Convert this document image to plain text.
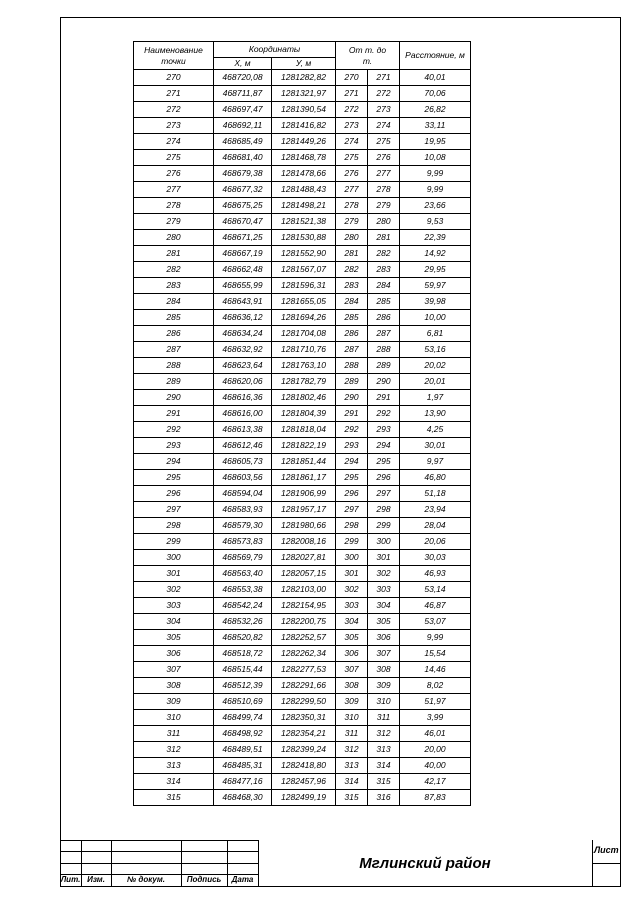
Наименование точки	Координаты		От т. до т.		Расстояние, м
	X, м	У, м			
270	468720,08	1281282,82	270	271	40,01
271	468711,87	1281321,97	271	272	70,06
272	468697,47	1281390,54	272	273	26,82
273	468692,11	1281416,82	273	274	33,11
274	468685,49	1281449,26	274	275	19,95
275	468681,40	1281468,78	275	276	10,08
276	468679,38	1281478,66	276	277	9,99
277	468677,32	1281488,43	277	278	9,99
278	468675,25	1281498,21	278	279	23,66
279	468670,47	1281521,38	279	280	9,53
280	468671,25	1281530,88	280	281	22,39
281	468667,19	1281552,90	281	282	14,92
282	468662,48	1281567,07	282	283	29,95
283	468655,99	1281596,31	283	284	59,97
284	468643,91	1281655,05	284	285	39,98
285	468636,12	1281694,26	285	286	10,00
286	468634,24	1281704,08	286	287	6,81
287	468632,92	1281710,76	287	288	53,16
288	468623,64	1281763,10	288	289	20,02
289	468620,06	1281782,79	289	290	20,01
290	468616,36	1281802,46	290	291	1,97
291	468616,00	1281804,39	291	292	13,90
292	468613,38	1281818,04	292	293	4,25
293	468612,46	1281822,19	293	294	30,01
294	468605,73	1281851,44	294	295	9,97
295	468603,56	1281861,17	295	296	46,80
296	468594,04	1281906,99	296	297	51,18
297	468583,93	1281957,17	297	298	23,94
298	468579,30	1281980,66	298	299	28,04
299	468573,83	1282008,16	299	300	20,06
300	468569,79	1282027,81	300	301	30,03
301	468563,40	1282057,15	301	302	46,93
302	468553,38	1282103,00	302	303	53,14
303	468542,24	1282154,95	303	304	46,87
304	468532,26	1282200,75	304	305	53,07
305	468520,82	1282252,57	305	306	9,99
306	468518,72	1282262,34	306	307	15,54
307	468515,44	1282277,53	307	308	14,46
308	468512,39	1282291,66	308	309	8,02
309	468510,69	1282299,50	309	310	51,97
310	468499,74	1282350,31	310	311	3,99
311	468498,92	1282354,21	311	312	46,01
312	468489,51	1282399,24	312	313	20,00
313	468485,31	1282418,80	313	314	40,00
314	468477,16	1282457,96	314	315	42,17
315	468468,30	1282499,19	315	316	87,83
Лит. Изм.	№ докум.	Подпись	Дата
Мглинский район
Лист
